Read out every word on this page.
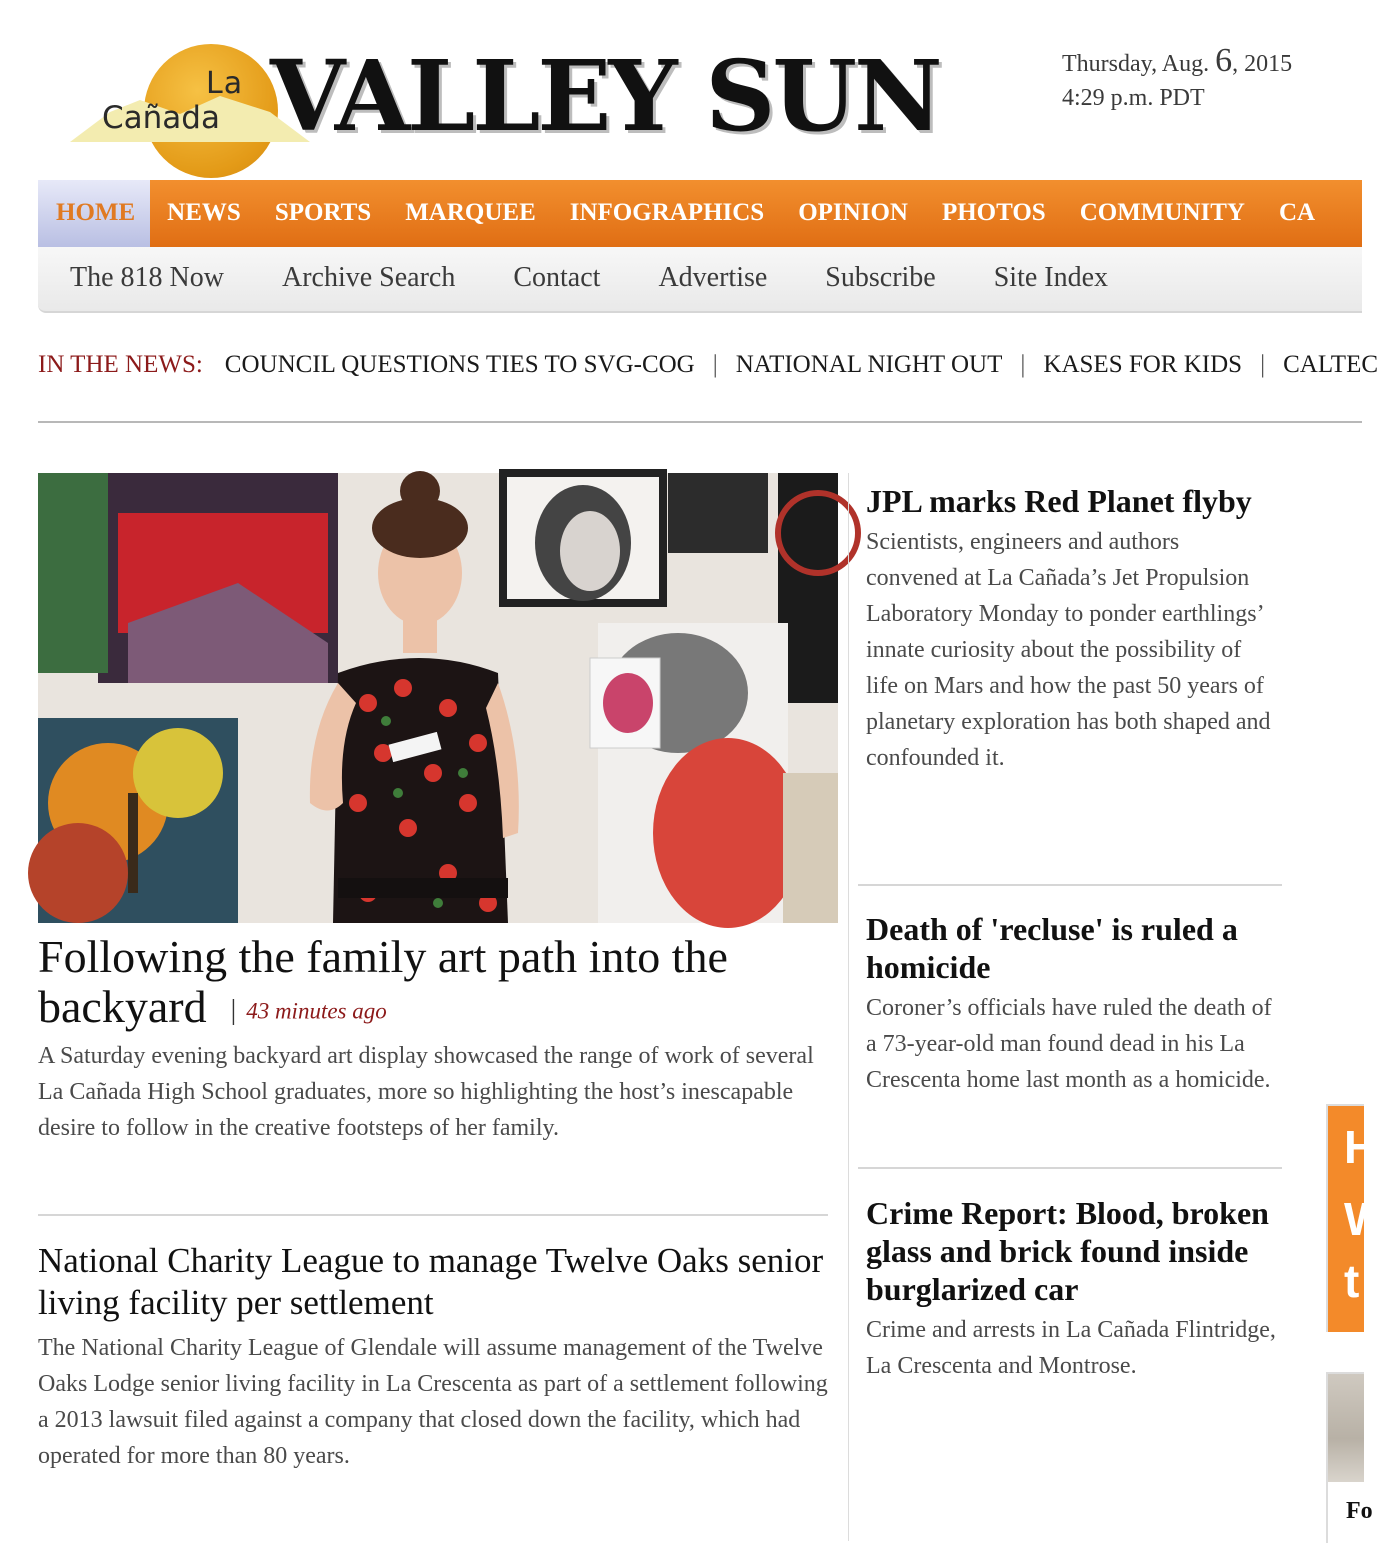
La
Cañada VALLEY SUN	Thursday, Aug. 6, 2015
4:29 p.m. PDT
HOME NEWS SPORTS MARQUEE INFOGRAPHICS OPINION PHOTOS COMMUNITY CA
The 818 Now Archive Search Contact Advertise Subscribe Site Index
IN THE NEWS: COUNCIL QUESTIONS TIES TO SVG-COG | NATIONAL NIGHT OUT | KASES FOR KIDS | CALTEC
Following the family art path into the backyard | 43 minutes ago
A Saturday evening backyard art display showcased the range of work of several La Cañada High School graduates, more so highlighting the host’s inescapable desire to follow in the creative footsteps of her family.
National Charity League to manage Twelve Oaks senior living facility per settlement
The National Charity League of Glendale will assume management of the Twelve Oaks Lodge senior living facility in La Crescenta as part of a settlement following a 2013 lawsuit filed against a company that closed down the facility, which had operated for more than 80 years.
JPL marks Red Planet flyby
Scientists, engineers and authors convened at La Cañada’s Jet Propulsion Laboratory Monday to ponder earthlings’ innate curiosity about the possibility of life on Mars and how the past 50 years of planetary exploration has both shaped and confounded it.
Death of 'recluse' is ruled a homicide
Coroner’s officials have ruled the death of a 73-year-old man found dead in his La Crescenta home last month as a homicide.
Crime Report: Blood, broken glass and brick found inside burglarized car
Crime and arrests in La Cañada Flintridge, La Crescenta and Montrose.
H
W
t
Fo
